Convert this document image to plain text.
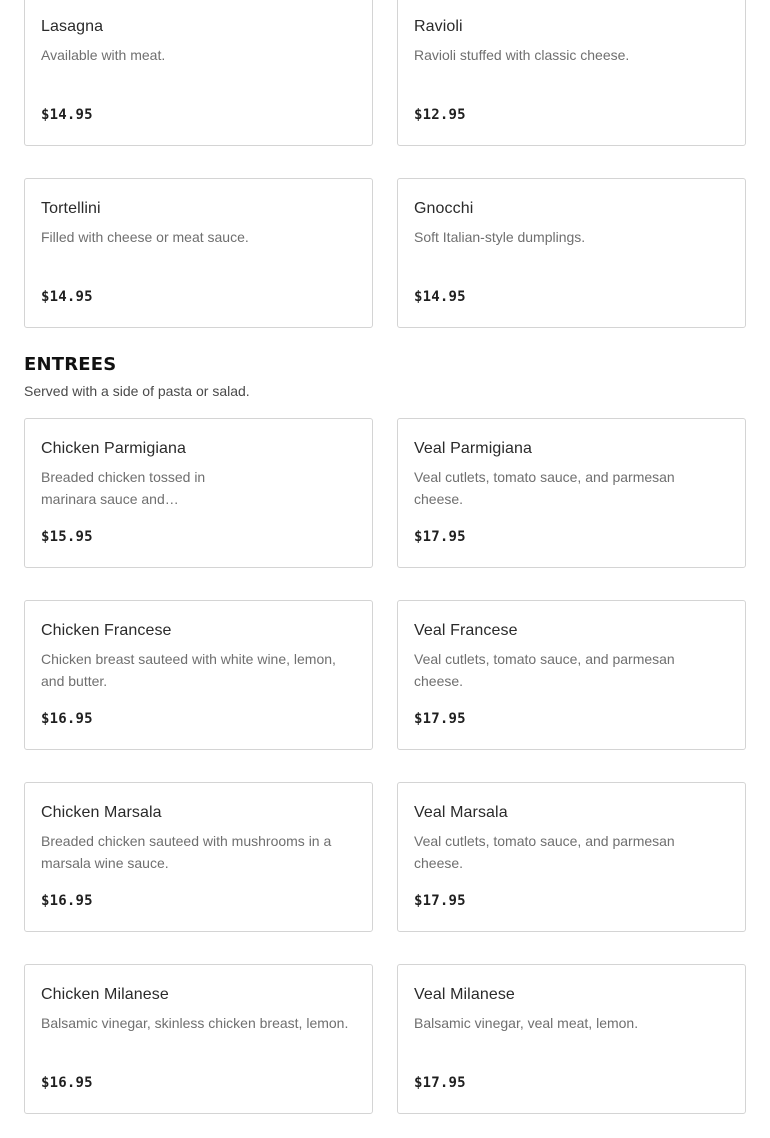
Lasagna
Available with meat.
$14.95
Ravioli
Ravioli stuffed with classic cheese.
$12.95
Tortellini
Filled with cheese or meat sauce.
$14.95
Gnocchi
Soft Italian-style dumplings.
$14.95
ENTREES
Served with a side of pasta or salad.
Chicken Parmigiana
Breaded chicken tossed in marinara sauce and…
$15.95
Veal Parmigiana
Veal cutlets, tomato sauce, and parmesan cheese.
$17.95
Chicken Francese
Chicken breast sauteed with white wine, lemon, and butter.
$16.95
Veal Francese
Veal cutlets, tomato sauce, and parmesan cheese.
$17.95
Chicken Marsala
Breaded chicken sauteed with mushrooms in a marsala wine sauce.
$16.95
Veal Marsala
Veal cutlets, tomato sauce, and parmesan cheese.
$17.95
Chicken Milanese
Balsamic vinegar, skinless chicken breast, lemon.
$16.95
Veal Milanese
Balsamic vinegar, veal meat, lemon.
$17.95
